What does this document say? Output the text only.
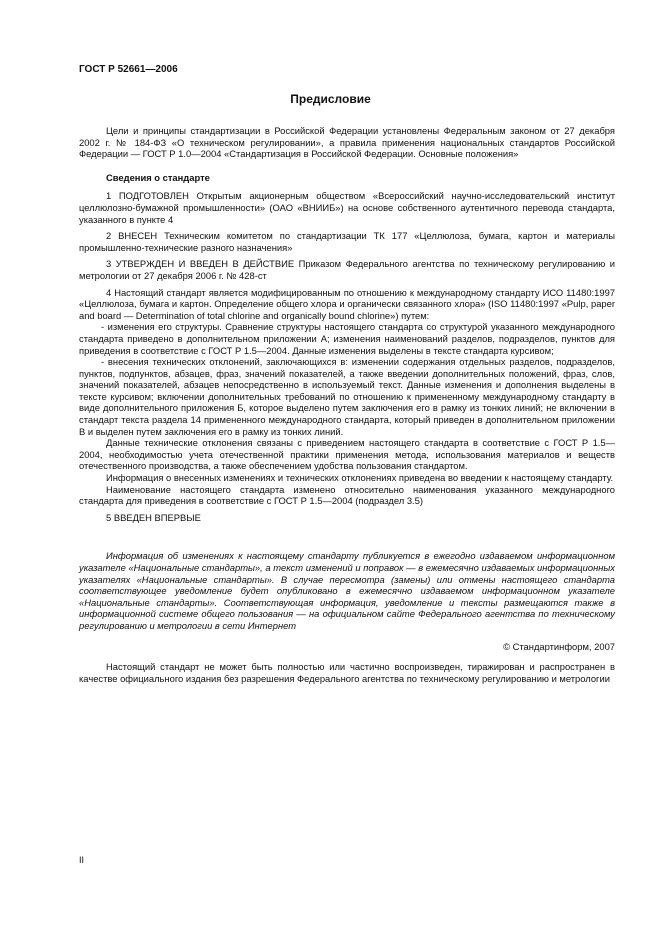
ГОСТ Р 52661—2006
Предисловие

Цели и принципы стандартизации в Российской Федерации установлены Федеральным законом от 27 декабря 2002 г. № 184-ФЗ «О техническом регулировании», а правила применения национальных стандартов Российской Федерации — ГОСТ Р 1.0—2004 «Стандартизация в Российской Федерации. Основные положения»

Сведения о стандарте

1 ПОДГОТОВЛЕН Открытым акционерным обществом «Всероссийский научно-исследовательский институт целлюлозно-бумажной промышленности» (ОАО «ВНИИБ») на основе собственного аутентичного перевода стандарта, указанного в пункте 4

2 ВНЕСЕН Техническим комитетом по стандартизации ТК 177 «Целлюлоза, бумага, картон и материалы промышленно-технические разного назначения»

3 УТВЕРЖДЕН И ВВЕДЕН В ДЕЙСТВИЕ Приказом Федерального агентства по техническому регулированию и метрологии от 27 декабря 2006 г. № 428-ст

4 Настоящий стандарт является модифицированным по отношению к международному стандарту ИСО 11480:1997 «Целлюлоза, бумага и картон. Определение общего хлора и органически связанного хлора» (ISO 11480:1997 «Pulp, paper and board — Determination of total chlorine and organically bound chlorine») путем:

- изменения его структуры. Сравнение структуры настоящего стандарта со структурой указанного международного стандарта приведено в дополнительном приложении А; изменения наименований разделов, подразделов, пунктов для приведения в соответствие с ГОСТ Р 1.5—2004. Данные изменения выделены в тексте стандарта курсивом;

- внесения технических отклонений, заключающихся в: изменении содержания отдельных разделов, подразделов, пунктов, подпунктов, абзацев, фраз, значений показателей, а также введении дополнительных положений, фраз, слов, значений показателей, абзацев непосредственно в используемый текст. Данные изменения и дополнения выделены в тексте курсивом; включении дополнительных требований по отношению к примененному международному стандарту в виде дополнительного приложения Б, которое выделено путем заключения его в рамку из тонких линий; не включении в стандарт текста раздела 14 примененного международного стандарта, который приведен в дополнительном приложении В и выделен путем заключения его в рамку из тонких линий.

Данные технические отклонения связаны с приведением настоящего стандарта в соответствие с ГОСТ Р 1.5—2004, необходимостью учета отечественной практики применения метода, использования материалов и веществ отечественного производства, а также обеспечением удобства пользования стандартом.

Информация о внесенных изменениях и технических отклонениях приведена во введении к настоящему стандарту.

Наименование настоящего стандарта изменено относительно наименования указанного международного стандарта для приведения в соответствие с ГОСТ Р 1.5—2004 (подраздел 3.5)

5 ВВЕДЕН ВПЕРВЫЕ

Информация об изменениях к настоящему стандарту публикуется в ежегодно издаваемом информационном указателе «Национальные стандарты», а текст изменений и поправок — в ежемесячно издаваемых информационных указателях «Национальные стандарты». В случае пересмотра (замены) или отмены настоящего стандарта соответствующее уведомление будет опубликовано в ежемесячно издаваемом информационном указателе «Национальные стандарты». Соответствующая информация, уведомление и тексты размещаются также в информационной системе общего пользования — на официальном сайте Федерального агентства по техническому регулированию и метрологии в сети Интернет

© Стандартинформ, 2007

Настоящий стандарт не может быть полностью или частично воспроизведен, тиражирован и распространен в качестве официального издания без разрешения Федерального агентства по техническому регулированию и метрологии

II
